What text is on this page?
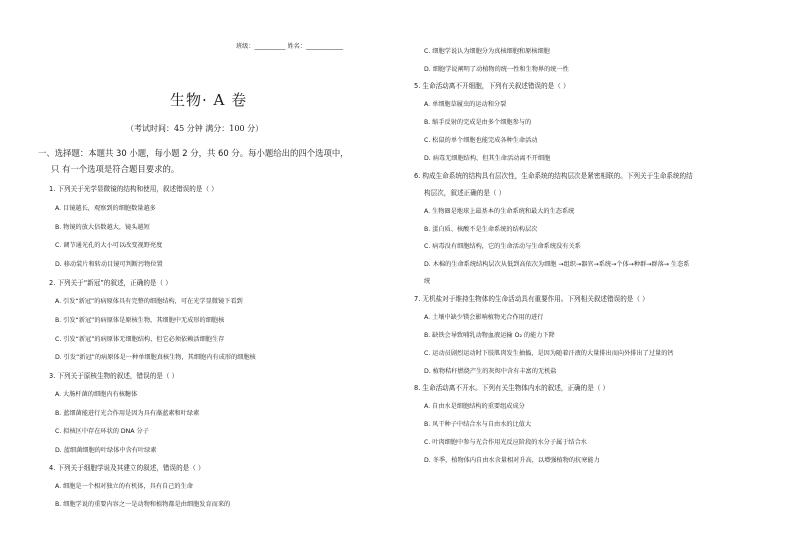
班级：__________ 姓名：____________
生物· A 卷
（考试时间：45 分钟 满分：100 分）
一、选择题：本题共 30 小题，每小题 2 分，共 60 分。每小题给出的四个选项中，
只 有一个选项是符合题目要求的。
1. 下列关于光学显微镜的结构和使用，叙述错误的是（ ）
A. 目镜越长，观察到的细胞数量越多
B. 物镜的放大倍数越大，镜头越短
C. 调节通光孔的大小可以改变视野亮度
D. 移动装片和转动目镜可判断污物位置
2. 下列关于“新冠”的叙述，正确的是（ ）
A. 引发“新冠”的病原体具有完整的细胞结构，可在光学显微镜下看到
B. 引发“新冠”的病原体是原核生物，其细胞中无成形的细胞核
C. 引发“新冠”的病原体无细胞结构，但它必须依赖活细胞生存
D. 引发“新冠”的病原体是一种单细胞真核生物，其细胞内有成形的细胞核
3. 下列关于原核生物的叙述，错误的是（ ）
A. 大肠杆菌的细胞内有核糖体
B. 蓝细菌能进行光合作用是因为具有藻蓝素和叶绿素
C. 拟核区中存在环状的 DNA 分子
D. 蓝细菌细胞的叶绿体中含有叶绿素
4. 下列关于细胞学说及其建立的叙述，错误的是（ ）
A. 细胞是一个相对独立的有机体，具有自己的生命
B. 细胞学说的重要内容之一是动物和植物都是由细胞发育而来的
C. 细胞学说认为细胞分为真核细胞和原核细胞
D. 细胞学说阐明了动植物的统一性和生物界的统一性
5. 生命活动离不开细胞，下列有关叙述错误的是（ ）
A. 单细胞草履虫的运动和分裂
B. 缩手反射的完成是由多个细胞参与的
C. 松鼠的单个细胞也能完成各种生命活动
D. 病毒无细胞结构，但其生命活动离不开细胞
6. 构成生命系统的结构具有层次性，生命系统的结构层次是紧密相联的。下列关于生命系统的结
构层次，叙述正确的是（ ）
A. 生物圈是地球上最基本的生命系统和最大的生态系统
B. 蛋白质、核酸不是生命系统的结构层次
C. 病毒没有细胞结构，它的生命活动与生命系统没有关系
D. 木棉的生命系统结构层次从低到高依次为细胞 →组织→器官→系统→个体→种群→群落→ 生态系
统
7. 无机盐对于维持生物体的生命活动具有重要作用。下列相关叙述错误的是（ ）
A. 土壤中缺少镁会影响植物光合作用的进行
B. 缺铁会导致哺乳动物血液运输 O₂ 的能力下降
C. 运动员剧烈运动时下肢肌肉发生抽搐，是因为随着汗液的大量排出而向外排出了过量的钙
D. 植物秸秆燃烧产生的灰烬中含有丰富的无机盐
8. 生命活动离不开水。下列有关生物体内水的叙述，正确的是（ ）
A. 自由水是细胞结构的重要组成成分
B. 风干种子中结合水与自由水的比值大
C. 叶肉细胞中参与光合作用光反应阶段的水分子属于结合水
D. 冬季，植物体内自由水含量相对升高，以增强植物的抗寒能力
